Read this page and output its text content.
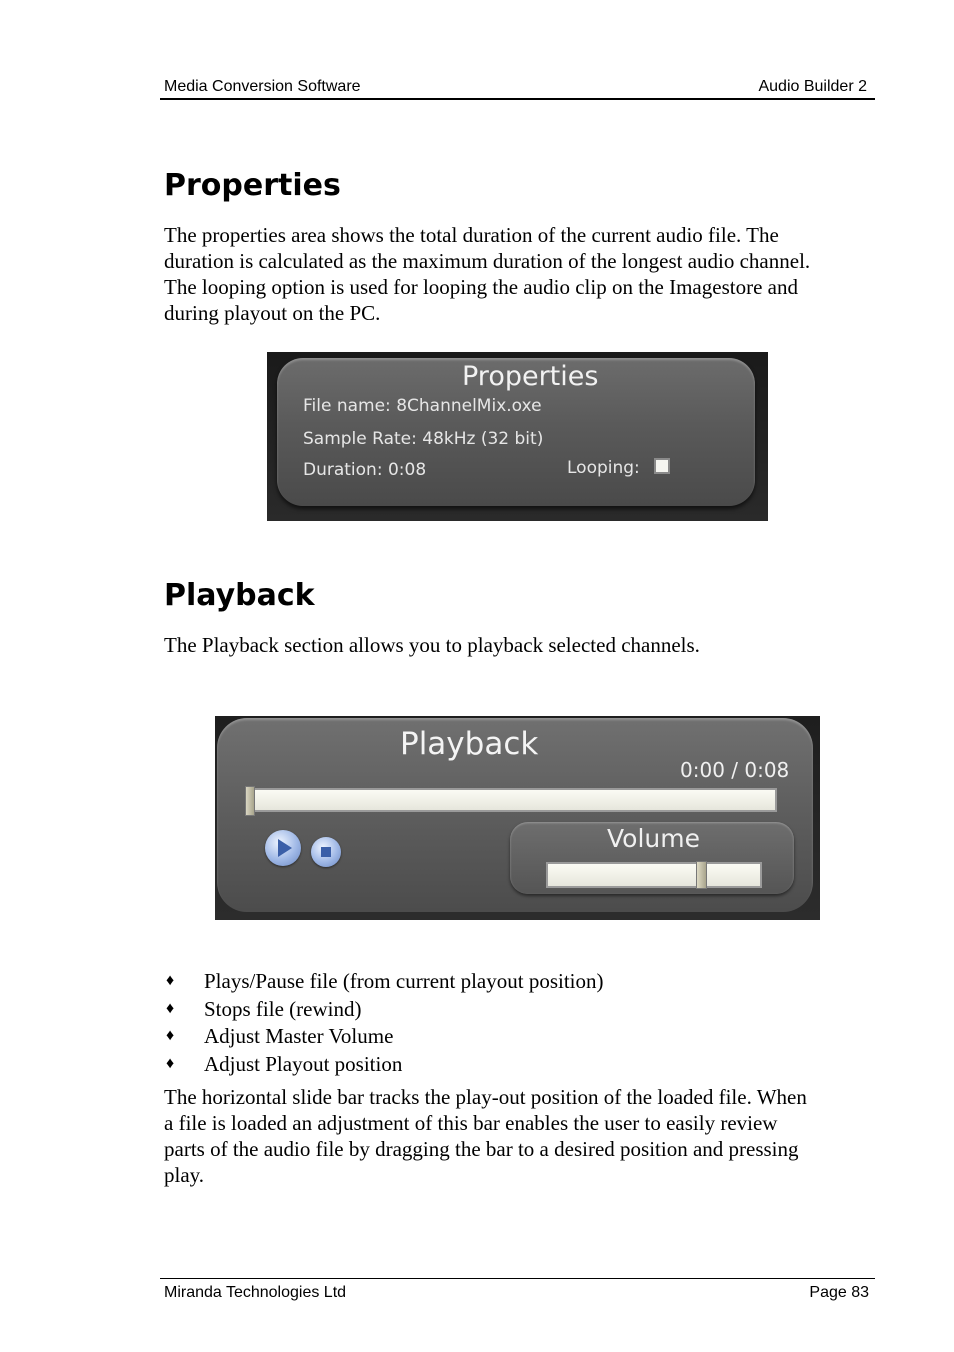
Media Conversion Software	Audio Builder 2
Properties
The properties area shows the total duration of the current audio file. The
duration is calculated as the maximum duration of the longest audio channel.
The looping option is used for looping the audio clip on the Imagestore and
during playout on the PC.
Properties
File name: 8ChannelMix.oxe
Sample Rate: 48kHz (32 bit)
Duration: 0:08	Looping:
Playback
The Playback section allows you to playback selected channels.
Playback
0:00 / 0:08
Volume
♦ Plays/Pause file (from current playout position)
♦ Stops file (rewind)
♦ Adjust Master Volume
♦ Adjust Playout position
The horizontal slide bar tracks the play-out position of the loaded file. When
a file is loaded an adjustment of this bar enables the user to easily review
parts of the audio file by dragging the bar to a desired position and pressing
play.
Miranda Technologies Ltd	Page 83
